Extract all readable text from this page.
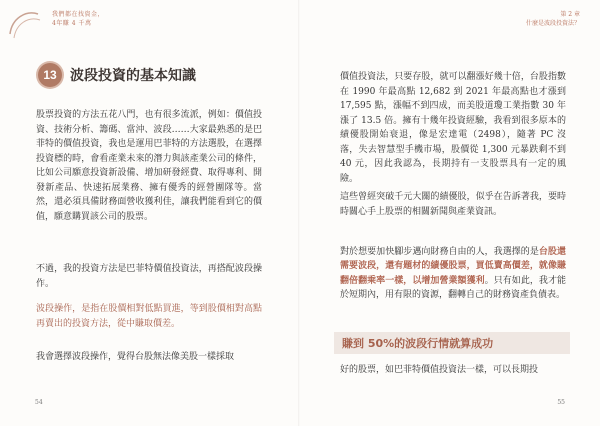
我們都在找資金，
4年賺 4 千萬
13 波段投資的基本知識
股票投資的方法五花八門，也有很多流派，例如：價值投資、技術分析、籌碼、當沖、波段……大家最熟悉的是巴菲特的價值投資，我也是運用巴菲特的方法選股，在選擇投資標的時，會看產業未來的潛力與該產業公司的條件，比如公司願意投資新設備、增加研發經費、取得專利、開發新產品、快速拓展業務、擁有優秀的經營團隊等。當然，還必須具備財務面營收獲利佳，讓我們能看到它的價值，願意購買該公司的股票。
不過，我的投資方法是巴菲特價值投資法，再搭配波段操作。
波段操作，是指在股價相對低點買進，等到股價相對高點再賣出的投資方法，從中賺取價差。
我會選擇波段操作，覺得台股無法像美股一樣採取
54
第 2 章
什麼是波段投資法？
價值投資法，只要存股，就可以翻漲好幾十倍，台股指數在 1990 年最高點 12,682 到 2021 年最高點也才漲到 17,595 點，漲幅不到四成，而美股道瓊工業指數 30 年漲了 13.5 倍。擁有十幾年投資經驗，我看到很多原本的績優股開始衰退，像是宏達電（2498），隨著 PC 沒落，失去智慧型手機市場，股價從 1,300 元暴跌剩不到 40 元，因此我認為，長期持有一支股票具有一定的風險。
這些曾經突破千元大關的績優股，似乎在告訴著我，要時時關心手上股票的相關新聞與產業資訊。

對於想要加快腳步邁向財務自由的人，我選擇的是台股還需要波段，還有題材的績優股票，買低賣高價差，就像賺翻倍翻乘率一樣，以增加營業額獲利。只有如此，我才能於短期內，用有限的資源，翻轉自己的財務資產負債表。

賺到 50%的波段行情就算成功
好的股票，如巴菲特價值投資法一樣，可以長期投
55
